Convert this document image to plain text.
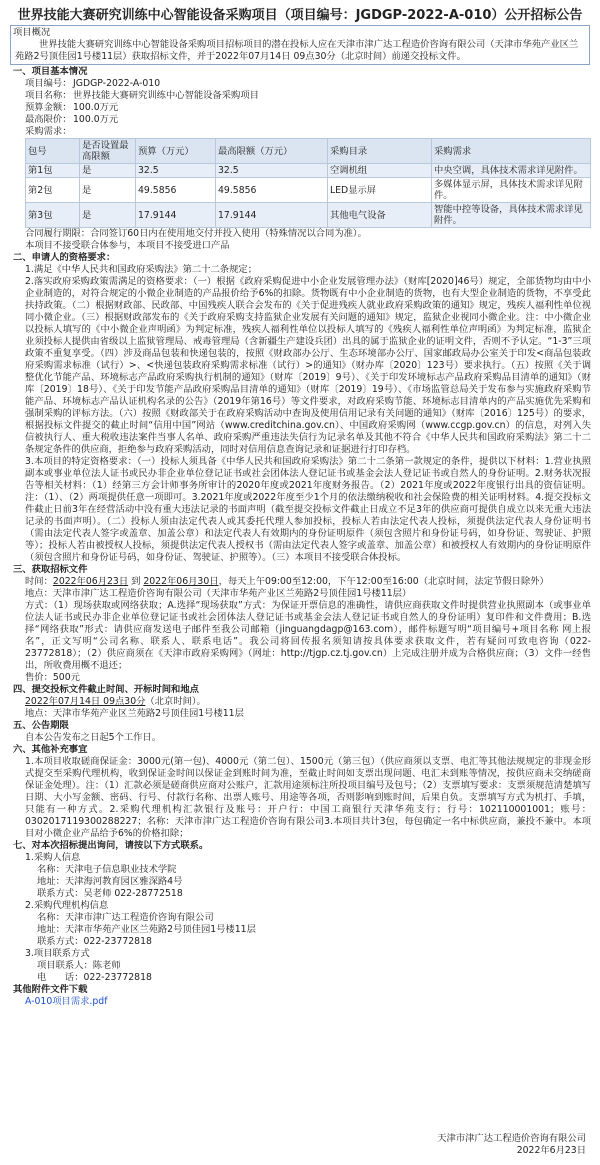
世界技能大赛研究训练中心智能设备采购项目（项目编号：JGDGP-2022-A-010）公开招标公告
项目概况
世界技能大赛研究训练中心智能设备采购项目招标项目的潜在投标人应在天津市津广达工程造价咨询有限公司（天津市华苑产业区兰苑路2号顶佳园1号楼11层）获取招标文件，并于2022年07月14日 09点30分（北京时间）前递交投标文件。

一、项目基本情况

项目编号： JGDGP-2022-A-010

项目名称： 世界技能大赛研究训练中心智能设备采购项目

预算金额： 100.0万元

最高限价： 100.0万元

采购需求：

包号	是否设置最高限额	预算（万元）	最高限额（万元）	采购目录	采购需求
第1包	是	32.5	32.5	空调机组	中央空调，具体技术需求详见附件。
第2包	是	49.5856	49.5856	LED显示屏	多媒体显示屏，具体技术需求详见附件。
第3包	是	17.9144	17.9144	其他电气设备	智能中控等设备，具体技术需求详见附件。

合同履行期限：合同签订60日内在使用地交付并投入使用（特殊情况以合同为准）。

本项目不接受联合体参与，本项目不接受进口产品

二、申请人的资格要求：

1.满足《中华人民共和国政府采购法》第二十二条规定；

2.落实政府采购政策需满足的资格要求：（一）根据《政府采购促进中小企业发展管理办法》（财库[2020]46号）规定，全部货物均由中小企业制造的，对符合规定的小微企业制造的产品报价给予6%的扣除。货物既有中小企业制造的货物，也有大型企业制造的货物，不享受此扶持政策。（二）根据财政部、民政部、中国残疾人联合会发布的《关于促进残疾人就业政府采购政策的通知》规定，残疾人福利性单位视同小微企业。（三）根据财政部发布的《关于政府采购支持监狱企业发展有关问题的通知》规定，监狱企业视同小微企业。注：中小微企业以投标人填写的《中小微企业声明函》为判定标准，残疾人福利性单位以投标人填写的《残疾人福利性单位声明函》为判定标准，监狱企业须投标人提供由省级以上监狱管理局、戒毒管理局（含新疆生产建设兵团）出具的属于监狱企业的证明文件，否则不予认定。“1-3”三项政策不重复享受。（四）涉及商品包装和快递包装的，按照《财政部办公厅、生态环境部办公厅、国家邮政局办公室关于印发<商品包装政府采购需求标准（试行）>、<快递包装政府采购需求标准（试行）>的通知》（财办库〔2020〕123号）要求执行。（五）按照《关于调整优化节能产品、环境标志产品政府采购执行机制的通知》（财库〔2019〕9号）、《关于印发环境标志产品政府采购品目清单的通知》（财库〔2019〕18号）、《关于印发节能产品政府采购品目清单的通知》（财库〔2019〕19号）、《市场监管总局关于发布参与实施政府采购节能产品、环境标志产品认证机构名录的公告》（2019年第16号）等文件要求，对政府采购节能、环境标志目清单内的产品实施优先采购和强制采购的评标方法。（六）按照《财政部关于在政府采购活动中查询及使用信用记录有关问题的通知》（财库〔2016〕125号）的要求，根据投标文件提交的截止时间“信用中国”网站（www.creditchina.gov.cn）、中国政府采购网（www.ccgp.gov.cn）的信息，对列入失信被执行人、重大税收违法案件当事人名单、政府采购严重违法失信行为记录名单及其他不符合《中华人民共和国政府采购法》第二十二条规定条件的供应商，拒绝参与政府采购活动，同时对信用信息查询记录和证据进行打印存档。

3.本项目的特定资格要求：（一）投标人须具备《中华人民共和国政府采购法》第二十二条第一款规定的条件，提供以下材料：1.营业执照副本或事业单位法人证书或民办非企业单位登记证书或社会团体法人登记证书或基金会法人登记证书或自然人的身份证明。2.财务状况报告等相关材料：（1）经第三方会计师事务所审计的2020年度或2021年度财务报告。（2）2021年度或2022年度银行出具的资信证明。注：（1）、（2）两项提供任意一项即可。3.2021年度或2022年度至少1个月的依法缴纳税收和社会保险费的相关证明材料。4.提交投标文件截止日前3年在经营活动中没有重大违法记录的书面声明（截至提交投标文件截止日成立不足3年的供应商可提供自成立以来无重大违法记录的书面声明）。（二）投标人须由法定代表人或其委托代理人参加投标，投标人若由法定代表人投标，须提供法定代表人身份证明书（需由法定代表人签字或盖章、加盖公章）和法定代表人有效期内的身份证明原件（须包含照片和身份证号码，如身份证、驾驶证、护照等）；投标人若由被授权人投标，须提供法定代表人授权书（需由法定代表人签字或盖章、加盖公章）和被授权人有效期内的身份证明原件（须包含照片和身份证号码，如身份证、驾驶证、护照等）。（三）本项目不接受联合体投标。

三、获取招标文件

时间：2022年06月23日 到 2022年06月30日，每天上午09:00至12:00，下午12:00至16:00（北京时间，法定节假日除外）

地点：天津市津广达工程造价咨询有限公司（天津市华苑产业区兰苑路2号顶佳园1号楼11层）

方式：（1）现场获取或网络获取；A.选择“现场获取”方式：为保证开票信息的准确性，请供应商获取文件时提供营业执照副本（或事业单位法人证书或民办非企业单位登记证书或社会团体法人登记证书或基金会法人登记证书或自然人的身份证明）复印件和文件费用；B.选择“网络获取”形式：请供应商发送电子邮件至我公司邮箱（jinguangdagp@163.com），邮件标题写明“项目编号+项目名称 网上报名”，正文写明“公司名称、联系人、联系电话”。我公司将回传报名须知请按具体要求获取文件，若有疑问可致电咨询（022-23772818）；（2）供应商须在《天津市政府采购网》（网址：http://tjgp.cz.tj.gov.cn）上完成注册并成为合格供应商；（3）文件一经售出，所收费用概不退还；

售价：500元

四、提交投标文件截止时间、开标时间和地点

2022年07月14日 09点30分（北京时间）。

地点：天津市华苑产业区兰苑路2号顶佳园1号楼11层

五、公告期限

自本公告发布之日起5个工作日。

六、其他补充事宜

1.本项目收取磋商保证金：3000元(第一包)、4000元（第二包）、1500元（第三包）（供应商须以支票、电汇等其他法规规定的非现金形式提交至采购代理机构，收到保证金时间以保证金到账时间为准，至截止时间如支票出现问题、电汇未到账等情况，按供应商未交纳磋商保证金处理）。注：（1）汇款必须是磋商供应商对公账户，汇款用途须标注所投项目编号及包号；（2）支票填写要求：支票须规范清楚填写日期、大小写金额、密码、行号、付款行名称、出票人账号、用途等各项，否则影响到账时间，后果自负。支票填写方式为机打、手填，只能有一种方式。2.采购代理机构汇款银行及账号：开户行：中国工商银行天津华苑支行；行号：102110001001；账号：0302017119300288227；名称：天津市津广达工程造价咨询有限公司3.本项目共计3包，每包确定一名中标供应商，兼投不兼中。本项目对小微企业产品给予6%的价格扣除；

七、对本次招标提出询问，请按以下方式联系。

1.采购人信息

名称：天津电子信息职业技术学院

地址：天津海河教育园区雅深路4号

联系方式：吴老师 022-28772518

2.采购代理机构信息

名称：天津市津广达工程造价咨询有限公司

地址：天津市华苑产业区兰苑路2号顶佳园1号楼11层

联系方式：022-23772818

3.项目联系方式

项目联系人：陈老师

电　　话：022-23772818

其他附件文件下载

A-010项目需求.pdf
天津市津广达工程造价咨询有限公司
2022年6月23日
